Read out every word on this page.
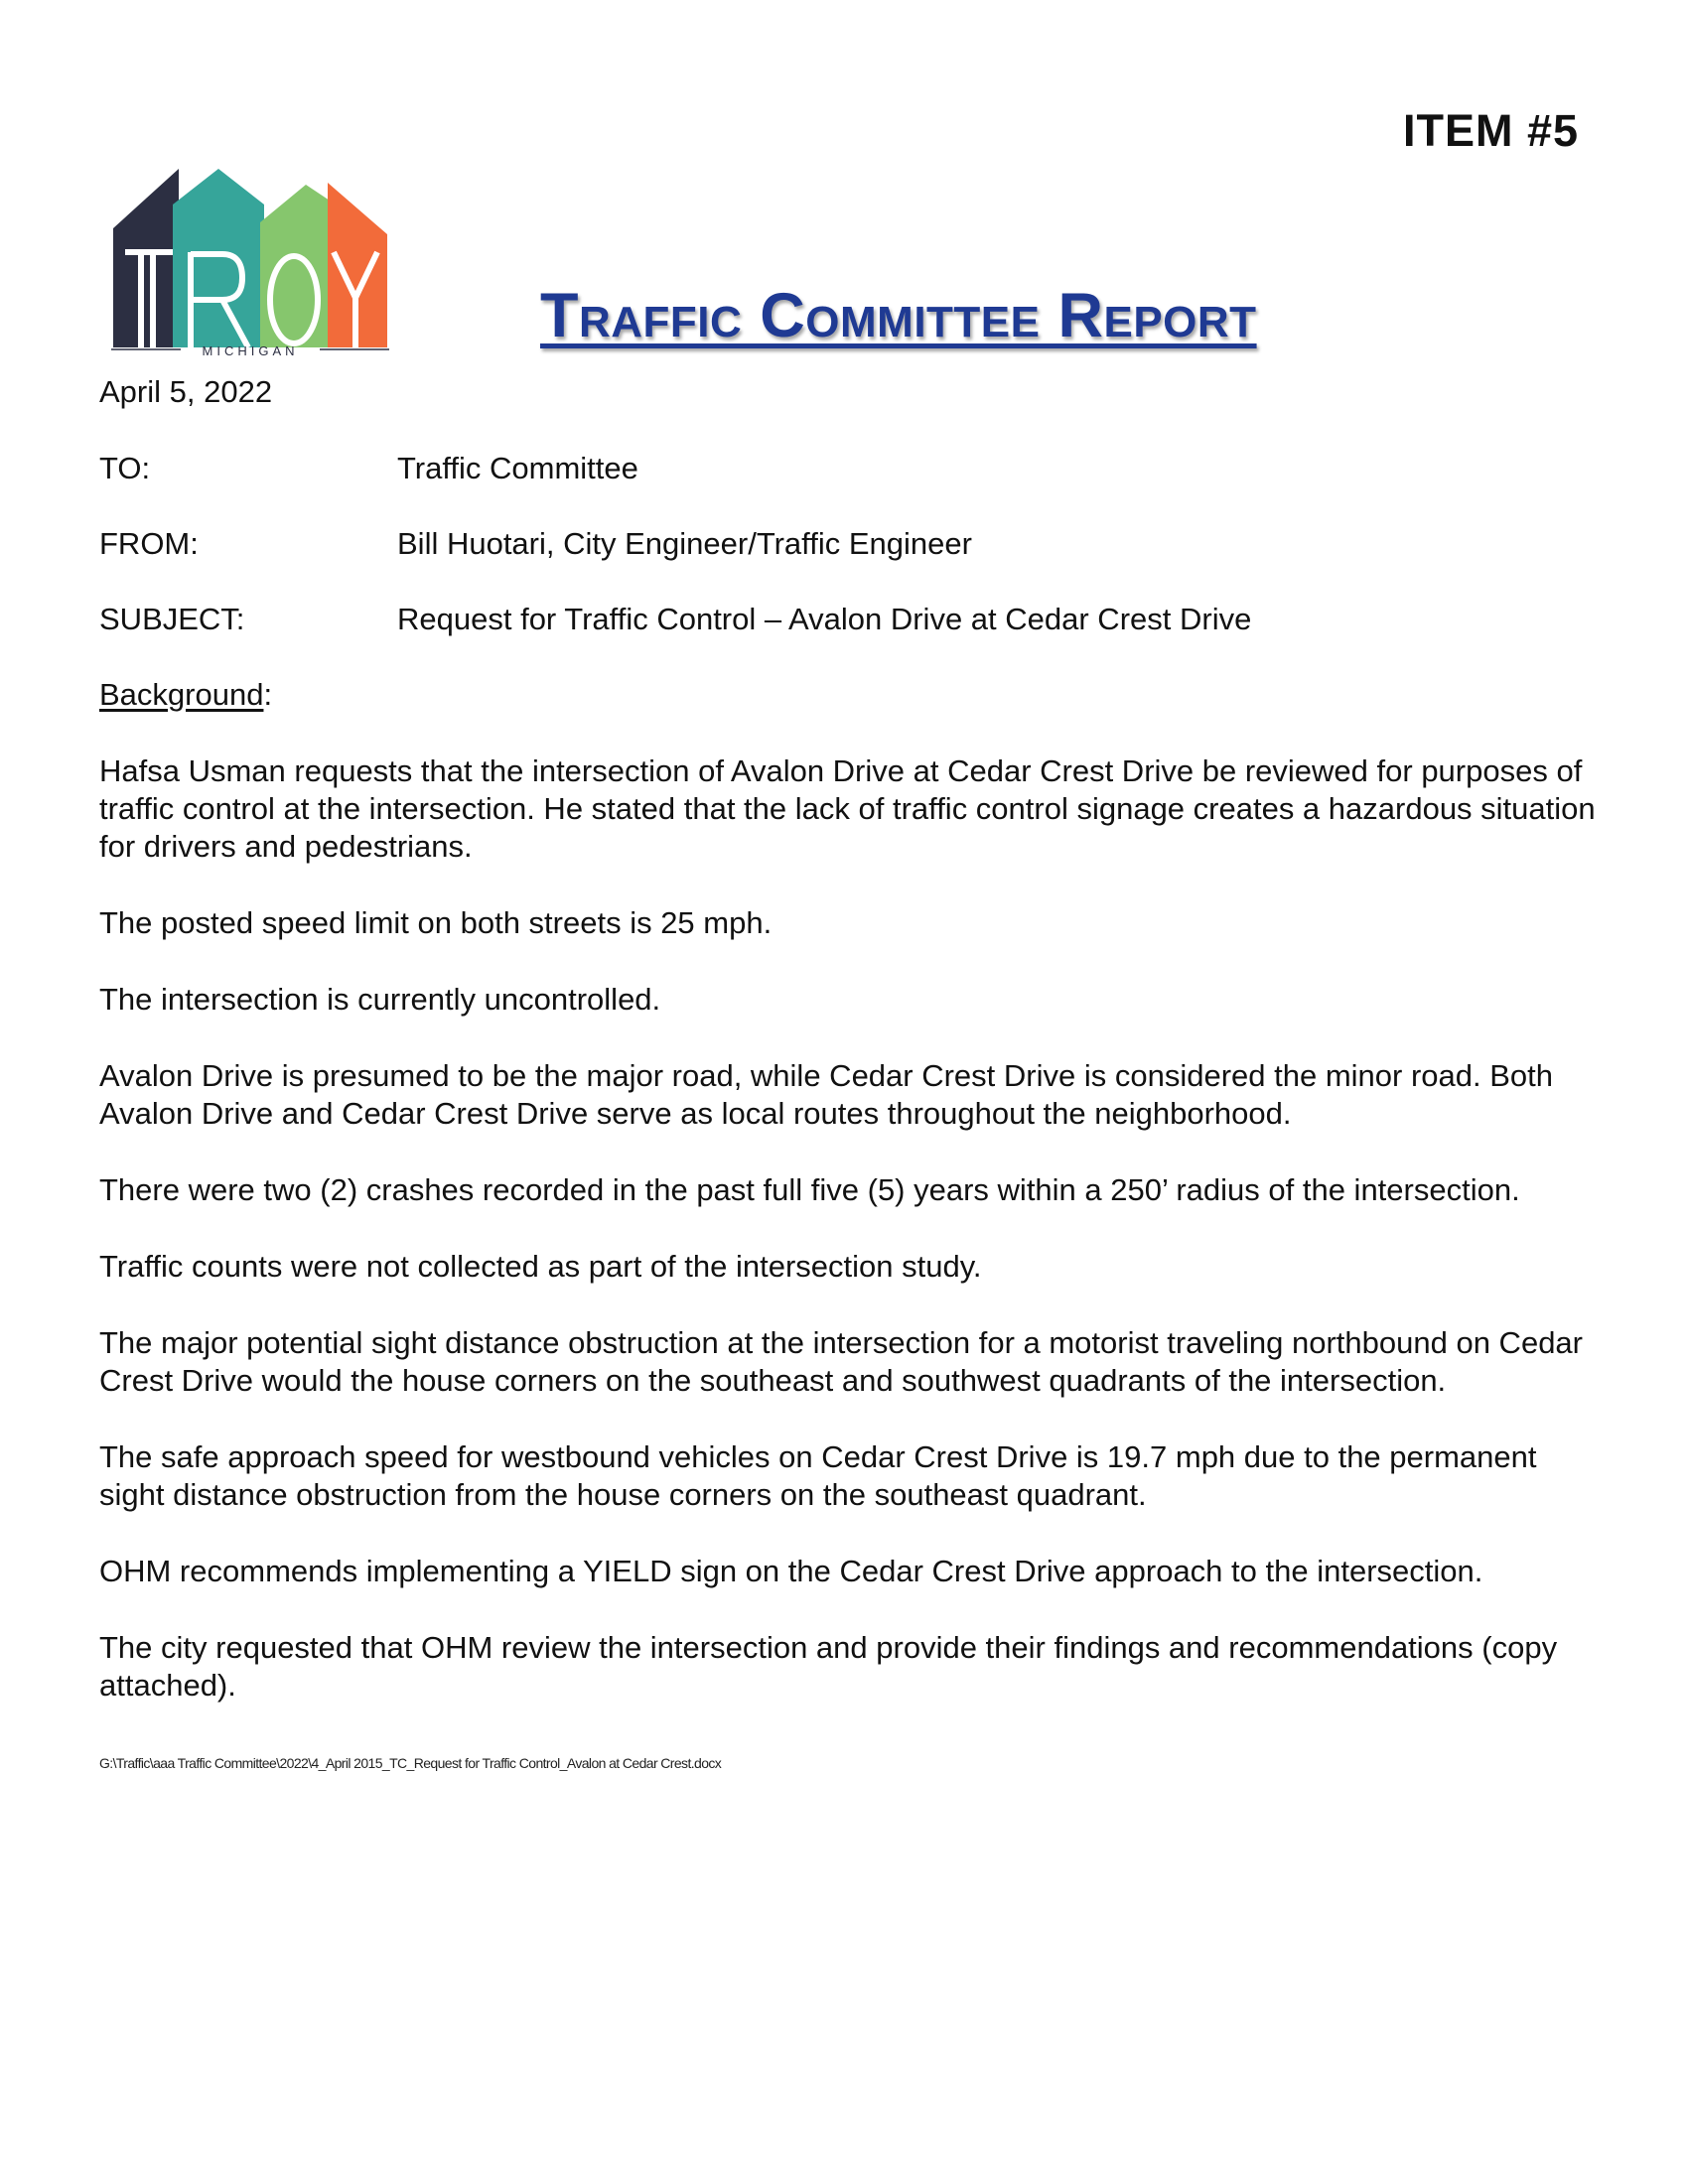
ITEM #5
MICHIGAN
Traffic Committee Report
April 5, 2022
TO:	Traffic Committee
FROM:	Bill Huotari, City Engineer/Traffic Engineer
SUBJECT:	Request for Traffic Control – Avalon Drive at Cedar Crest Drive
Background:
Hafsa Usman requests that the intersection of Avalon Drive at Cedar Crest Drive be reviewed for purposes of traffic control at the intersection. He stated that the lack of traffic control signage creates a hazardous situation for drivers and pedestrians.
The posted speed limit on both streets is 25 mph.
The intersection is currently uncontrolled.
Avalon Drive is presumed to be the major road, while Cedar Crest Drive is considered the minor road. Both Avalon Drive and Cedar Crest Drive serve as local routes throughout the neighborhood.
There were two (2) crashes recorded in the past full five (5) years within a 250’ radius of the intersection.
Traffic counts were not collected as part of the intersection study.
The major potential sight distance obstruction at the intersection for a motorist traveling northbound on Cedar Crest Drive would the house corners on the southeast and southwest quadrants of the intersection.
The safe approach speed for westbound vehicles on Cedar Crest Drive is 19.7 mph due to the permanent sight distance obstruction from the house corners on the southeast quadrant.
OHM recommends implementing a YIELD sign on the Cedar Crest Drive approach to the intersection.
The city requested that OHM review the intersection and provide their findings and recommendations (copy attached).
G:\Traffic\aaa Traffic Committee\2022\4_April 2015_TC_Request for Traffic Control_Avalon at Cedar Crest.docx
